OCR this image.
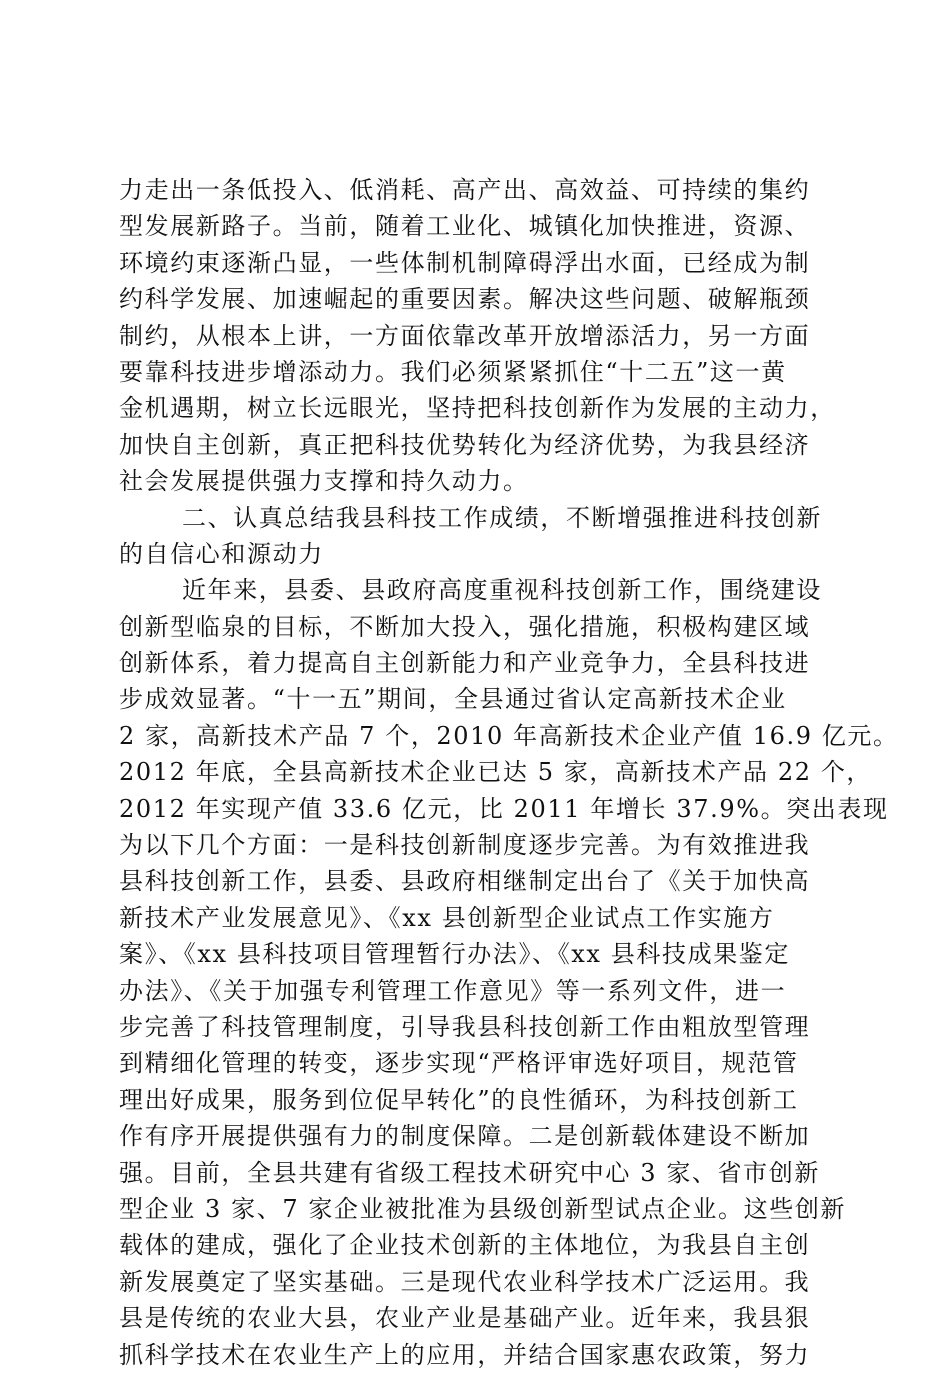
力走出一条低投入、低消耗、高产出、高效益、可持续的集约
型发展新路子。当前，随着工业化、城镇化加快推进，资源、
环境约束逐渐凸显，一些体制机制障碍浮出水面，已经成为制
约科学发展、加速崛起的重要因素。解决这些问题、破解瓶颈
制约，从根本上讲，一方面依靠改革开放增添活力，另一方面
要靠科技进步增添动力。我们必须紧紧抓住“十二五”这一黄
金机遇期，树立长远眼光，坚持把科技创新作为发展的主动力，
加快自主创新，真正把科技优势转化为经济优势，为我县经济
社会发展提供强力支撑和持久动力。
二、认真总结我县科技工作成绩，不断增强推进科技创新
的自信心和源动力
近年来，县委、县政府高度重视科技创新工作，围绕建设
创新型临泉的目标，不断加大投入，强化措施，积极构建区域
创新体系，着力提高自主创新能力和产业竞争力，全县科技进
步成效显著。“十一五”期间，全县通过省认定高新技术企业
2 家，高新技术产品 7 个，2010 年高新技术企业产值 16.9 亿元。
2012 年底，全县高新技术企业已达 5 家，高新技术产品 22 个，
2012 年实现产值 33.6 亿元，比 2011 年增长 37.9%。突出表现
为以下几个方面：一是科技创新制度逐步完善。为有效推进我
县科技创新工作，县委、县政府相继制定出台了《关于加快高
新技术产业发展意见》、《xx 县创新型企业试点工作实施方
案》、《xx 县科技项目管理暂行办法》、《xx 县科技成果鉴定
办法》、《关于加强专利管理工作意见》等一系列文件，进一
步完善了科技管理制度，引导我县科技创新工作由粗放型管理
到精细化管理的转变，逐步实现“严格评审选好项目，规范管
理出好成果，服务到位促早转化”的良性循环，为科技创新工
作有序开展提供强有力的制度保障。二是创新载体建设不断加
强。目前，全县共建有省级工程技术研究中心 3 家、省市创新
型企业 3 家、7 家企业被批准为县级创新型试点企业。这些创新
载体的建成，强化了企业技术创新的主体地位，为我县自主创
新发展奠定了坚实基础。三是现代农业科学技术广泛运用。我
县是传统的农业大县，农业产业是基础产业。近年来，我县狠
抓科学技术在农业生产上的应用，并结合国家惠农政策，努力
